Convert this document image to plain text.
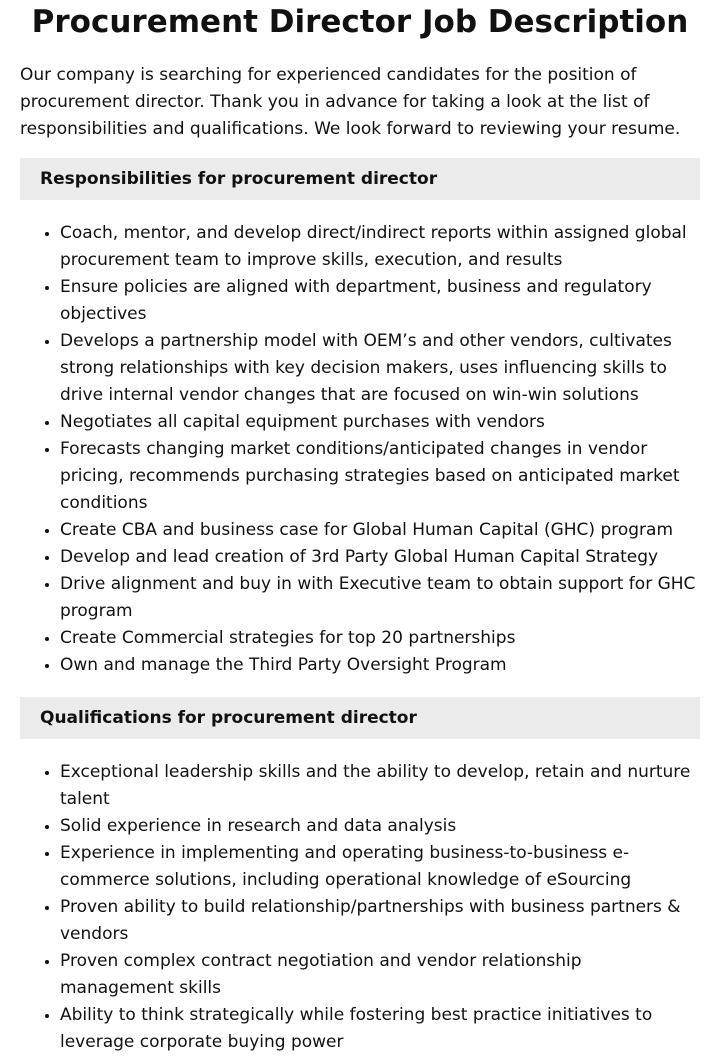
Procurement Director Job Description

Our company is searching for experienced candidates for the position of procurement director. Thank you in advance for taking a look at the list of responsibilities and qualifications. We look forward to reviewing your resume.

Responsibilities for procurement director
• Coach, mentor, and develop direct/indirect reports within assigned global procurement team to improve skills, execution, and results
• Ensure policies are aligned with department, business and regulatory objectives
• Develops a partnership model with OEM’s and other vendors, cultivates strong relationships with key decision makers, uses influencing skills to drive internal vendor changes that are focused on win-win solutions
• Negotiates all capital equipment purchases with vendors
• Forecasts changing market conditions/anticipated changes in vendor pricing, recommends purchasing strategies based on anticipated market conditions
• Create CBA and business case for Global Human Capital (GHC) program
• Develop and lead creation of 3rd Party Global Human Capital Strategy
• Drive alignment and buy in with Executive team to obtain support for GHC program
• Create Commercial strategies for top 20 partnerships
• Own and manage the Third Party Oversight Program
Qualifications for procurement director
• Exceptional leadership skills and the ability to develop, retain and nurture talent
• Solid experience in research and data analysis
• Experience in implementing and operating business-to-business e-commerce solutions, including operational knowledge of eSourcing
• Proven ability to build relationship/partnerships with business partners & vendors
• Proven complex contract negotiation and vendor relationship management skills
• Ability to think strategically while fostering best practice initiatives to leverage corporate buying power
